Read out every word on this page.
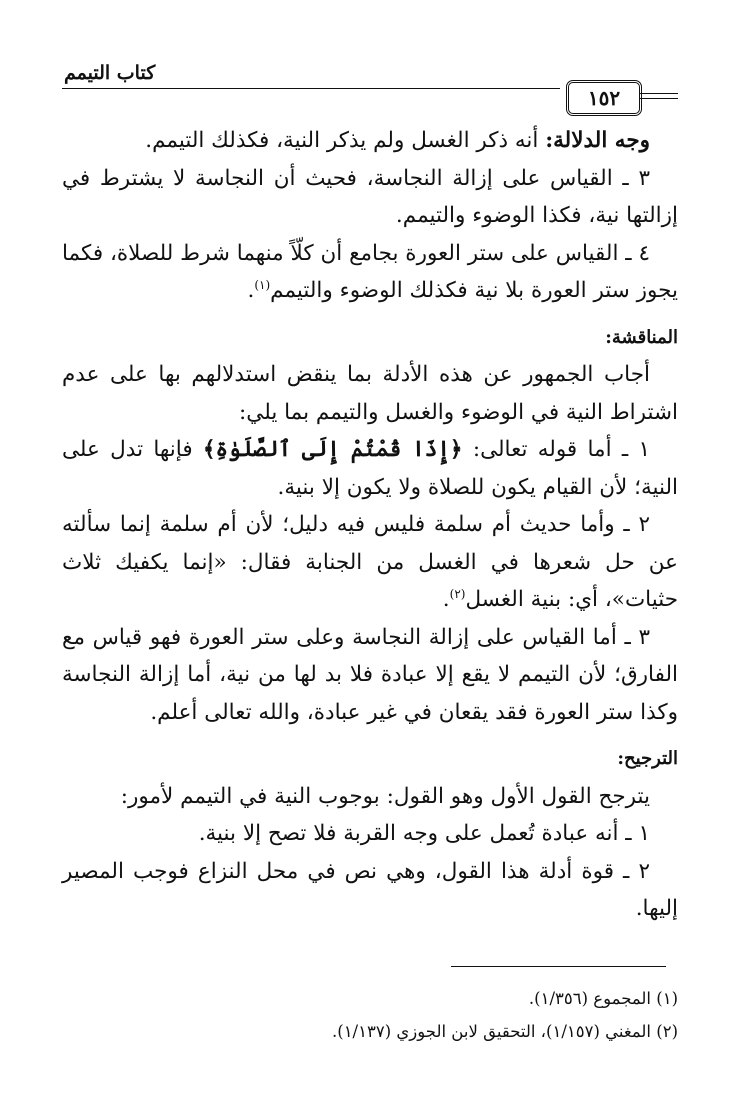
كتاب التيمم
١٥٢

وجه الدلالة: أنه ذكر الغسل ولم يذكر النية، فكذلك التيمم.

٣ ـ القياس على إزالة النجاسة، فحيث أن النجاسة لا يشترط في إزالتها نية، فكذا الوضوء والتيمم.

٤ ـ القياس على ستر العورة بجامع أن كلّاً منهما شرط للصلاة، فكما يجوز ستر العورة بلا نية فكذلك الوضوء والتيمم$^{(١)}$.

المناقشة:

أجاب الجمهور عن هذه الأدلة بما ينقض استدلالهم بها على عدم اشتراط النية في الوضوء والغسل والتيمم بما يلي:

١ ـ أما قوله تعالى: ﴿إِذَا قُمْتُمْ إِلَى ٱلصَّلَوٰةِ﴾ فإنها تدل على النية؛ لأن القيام يكون للصلاة ولا يكون إلا بنية.

٢ ـ وأما حديث أم سلمة فليس فيه دليل؛ لأن أم سلمة إنما سألته عن حل شعرها في الغسل من الجنابة فقال: «إنما يكفيك ثلاث حثيات»، أي: بنية الغسل$^{(٢)}$.

٣ ـ أما القياس على إزالة النجاسة وعلى ستر العورة فهو قياس مع الفارق؛ لأن التيمم لا يقع إلا عبادة فلا بد لها من نية، أما إزالة النجاسة وكذا ستر العورة فقد يقعان في غير عبادة، والله تعالى أعلم.

الترجيح:

يترجح القول الأول وهو القول: بوجوب النية في التيمم لأمور:

١ ـ أنه عبادة تُعمل على وجه القربة فلا تصح إلا بنية.

٢ ـ قوة أدلة هذا القول، وهي نص في محل النزاع فوجب المصير إليها.

(١) المجموع (١/٣٥٦).

(٢) المغني (١/١٥٧)، التحقيق لابن الجوزي (١/١٣٧).
